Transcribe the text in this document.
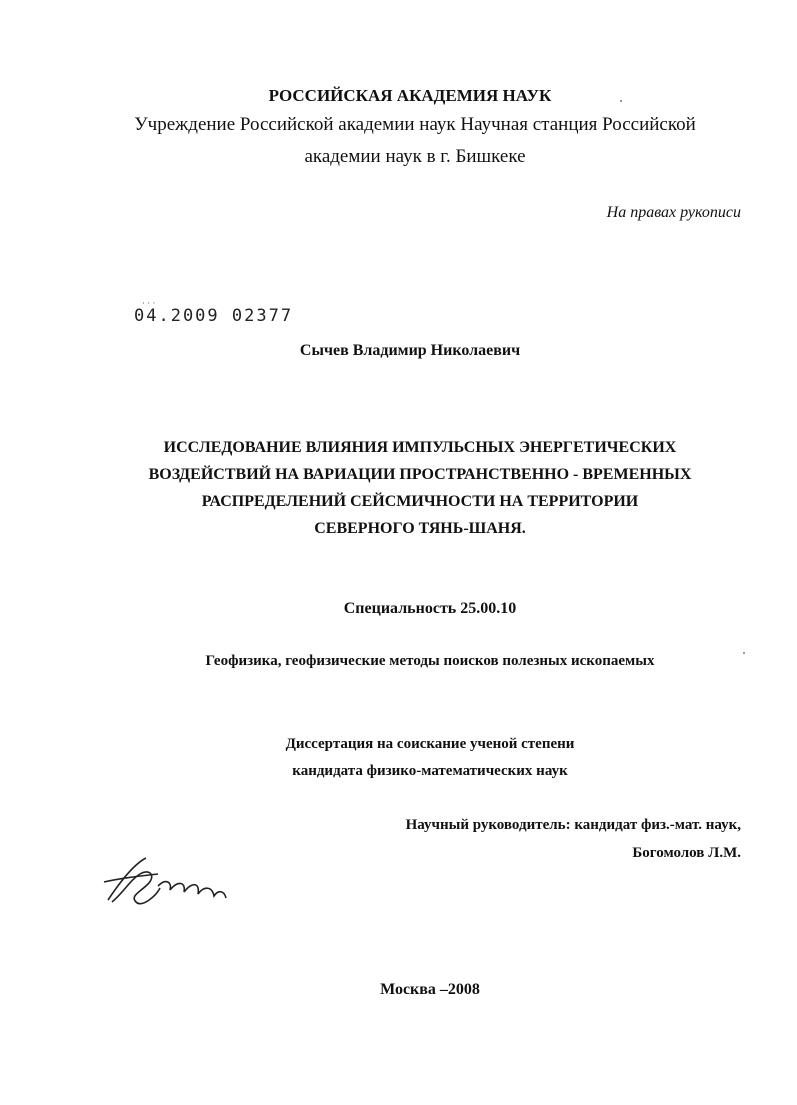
РОССИЙСКАЯ АКАДЕМИЯ НАУК
Учреждение Российской академии наук Научная станция Российской
академии наук в г. Бишкеке
На правах рукописи
· · ·
04.2009 02377
Сычев Владимир Николаевич
ИССЛЕДОВАНИЕ ВЛИЯНИЯ ИМПУЛЬСНЫХ ЭНЕРГЕТИЧЕСКИХ
ВОЗДЕЙСТВИЙ НА ВАРИАЦИИ ПРОСТРАНСТВЕННО - ВРЕМЕННЫХ
РАСПРЕДЕЛЕНИЙ СЕЙСМИЧНОСТИ НА ТЕРРИТОРИИ
СЕВЕРНОГО ТЯНЬ-ШАНЯ.
Специальность 25.00.10
Геофизика, геофизические методы поисков полезных ископаемых
Диссертация на соискание ученой степени
кандидата физико-математических наук
Научный руководитель: кандидат физ.-мат. наук,
Богомолов Л.М.
Москва –2008
